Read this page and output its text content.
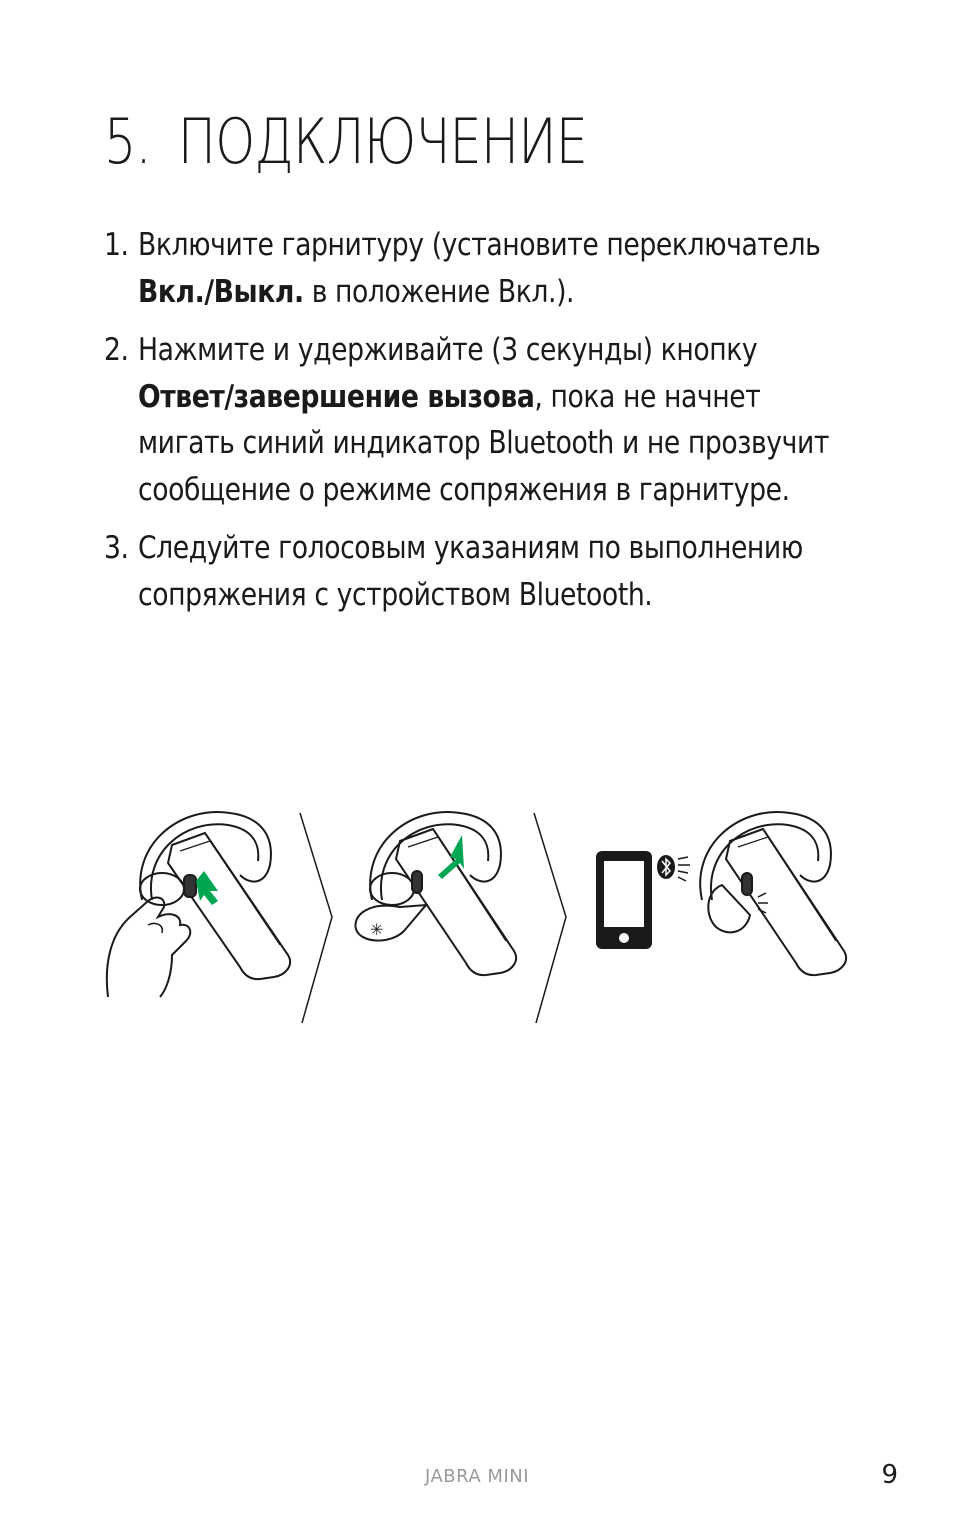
5. ПОДКЛЮЧЕНИЕ
1. Включите гарнитуру (установите переключатель Вкл./Выкл. в положение Вкл.).
2. Нажмите и удерживайте (3 секунды) кнопку Ответ/завершение вызова, пока не начнет мигать синий индикатор Bluetooth и не прозвучит сообщение о режиме сопряжения в гарнитуре.
3. Следуйте голосовым указаниям по выполнению сопряжения с устройством Bluetooth.
✳
JABRA MINI	9
